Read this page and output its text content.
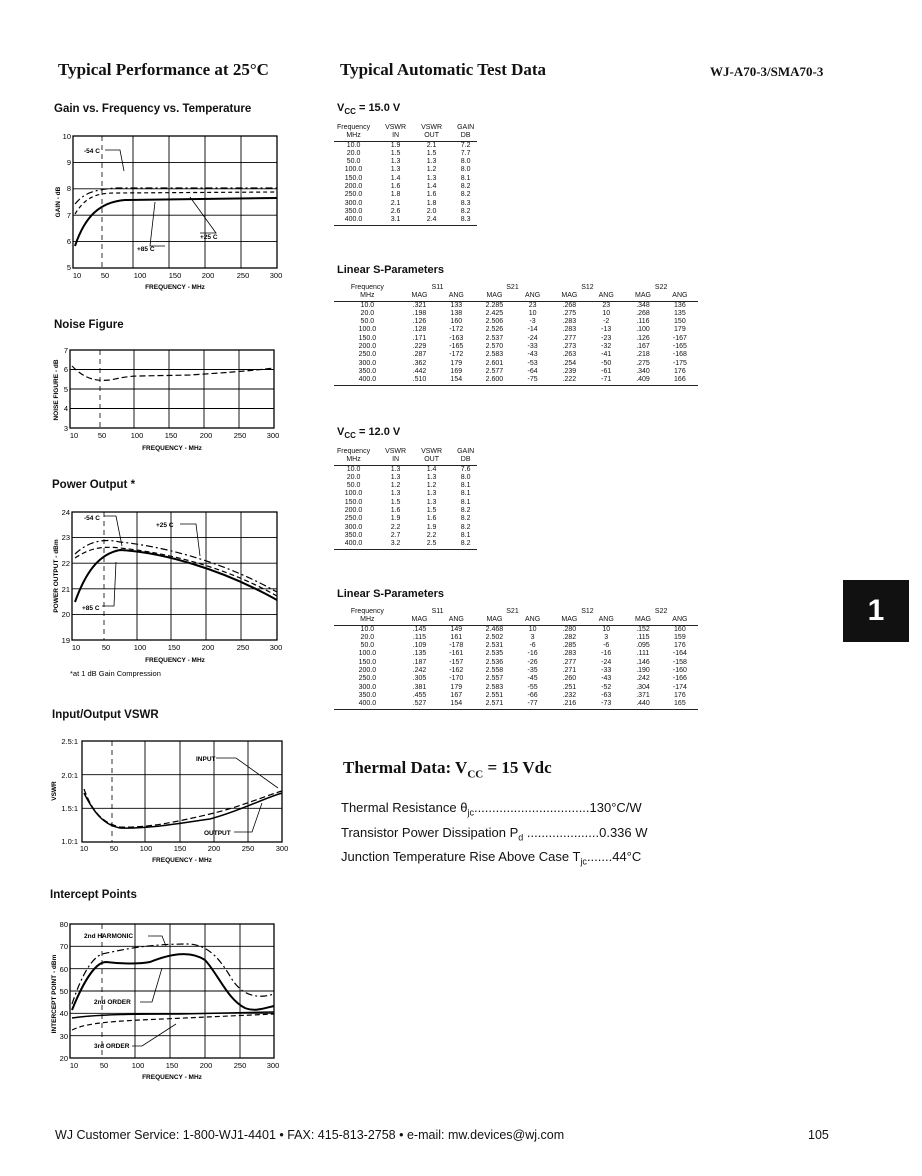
Typical Performance at 25°C	Typical Automatic Test Data	WJ-A70-3/SMA70-3
Gain vs. Frequency vs. Temperature
10
9
8
7
6
5
10	50	100	150	200	250	300
FREQUENCY - MHz
GAIN - dB
-54 C
+25 C
+85 C
Noise Figure
7
6
5
4
3
10	50	100	150	200	250	300
FREQUENCY - MHz
NOISE FIGURE - dB
Power Output *
24
23
22
21
20
19
10	50	100	150	200	250	300
FREQUENCY - MHz
POWER OUTPUT - dBm
-54 C
+25 C
+85 C
*at 1 dB Gain Compression
Input/Output VSWR
2.5:1
2.0:1
1.5:1
1.0:1
10	50	100	150	200	250	300
FREQUENCY - MHz
VSWR
INPUT
OUTPUT
Intercept Points
80
70
60
50
40
30
20
10	50	100	150	200	250	300
FREQUENCY - MHz
INTERCEPT POINT - dBm
2nd HARMONIC
2nd ORDER
3rd ORDER
$V_{CC} = 15.0$ V
Frequency	VSWR	VSWR	GAIN
MHz	IN	OUT	DB
10.0	1.9	2.1	7.2
20.0	1.5	1.5	7.7
50.0	1.3	1.3	8.0
100.0	1.3	1.2	8.0
150.0	1.4	1.3	8.1
200.0	1.6	1.4	8.2
250.0	1.8	1.6	8.2
300.0	2.1	1.8	8.3
350.0	2.6	2.0	8.2
400.0	3.1	2.4	8.3
Linear S-Parameters
Frequency	S11		S21		S12		S22	
MHz	MAG	ANG	MAG	ANG	MAG	ANG	MAG	ANG
10.0	.321	133	2.285	23	.268	23	.348	136
20.0	.198	138	2.425	10	.275	10	.268	135
50.0	.126	160	2.506	-3	.283	-2	.116	150
100.0	.128	-172	2.526	-14	.283	-13	.100	179
150.0	.171	-163	2.537	-24	.277	-23	.126	-167
200.0	.229	-165	2.570	-33	.273	-32	.167	-165
250.0	.287	-172	2.583	-43	.263	-41	.218	-168
300.0	.362	179	2.601	-53	.254	-50	.275	-175
350.0	.442	169	2.577	-64	.239	-61	.340	176
400.0	.510	154	2.600	-75	.222	-71	.409	166
$V_{CC} = 12.0$ V
Frequency	VSWR	VSWR	GAIN
MHz	IN	OUT	DB
10.0	1.3	1.4	7.6
20.0	1.3	1.3	8.0
50.0	1.2	1.2	8.1
100.0	1.3	1.3	8.1
150.0	1.5	1.3	8.1
200.0	1.6	1.5	8.2
250.0	1.9	1.6	8.2
300.0	2.2	1.9	8.2
350.0	2.7	2.2	8.1
400.0	3.2	2.5	8.2
Linear S-Parameters
Frequency	S11		S21		S12		S22	
MHz	MAG	ANG	MAG	ANG	MAG	ANG	MAG	ANG
10.0	.145	149	2.468	10	.280	10	.152	160
20.0	.115	161	2.502	3	.282	3	.115	159
50.0	.109	-178	2.531	-6	.285	-6	.095	176
100.0	.135	-161	2.535	-16	.283	-16	.111	-164
150.0	.187	-157	2.536	-26	.277	-24	.146	-158
200.0	.242	-162	2.558	-35	.271	-33	.190	-160
250.0	.305	-170	2.557	-45	.260	-43	.242	-166
300.0	.381	179	2.583	-55	.251	-52	.304	-174
350.0	.455	167	2.551	-66	.232	-63	.371	176
400.0	.527	154	2.571	-77	.216	-73	.440	165
Thermal Data: $V_{CC} = 15$ Vdc
Thermal Resistance $\theta_{jc}................................130^\circ C/W$
Transistor Power Dissipation $P_d$ ....................0.336 W
Junction Temperature Rise Above Case $T_{jc}.......44^\circ C$
1
WJ Customer Service: 1-800-WJ1-4401 • FAX: 415-813-2758 • e-mail: mw.devices@wj.com	105
